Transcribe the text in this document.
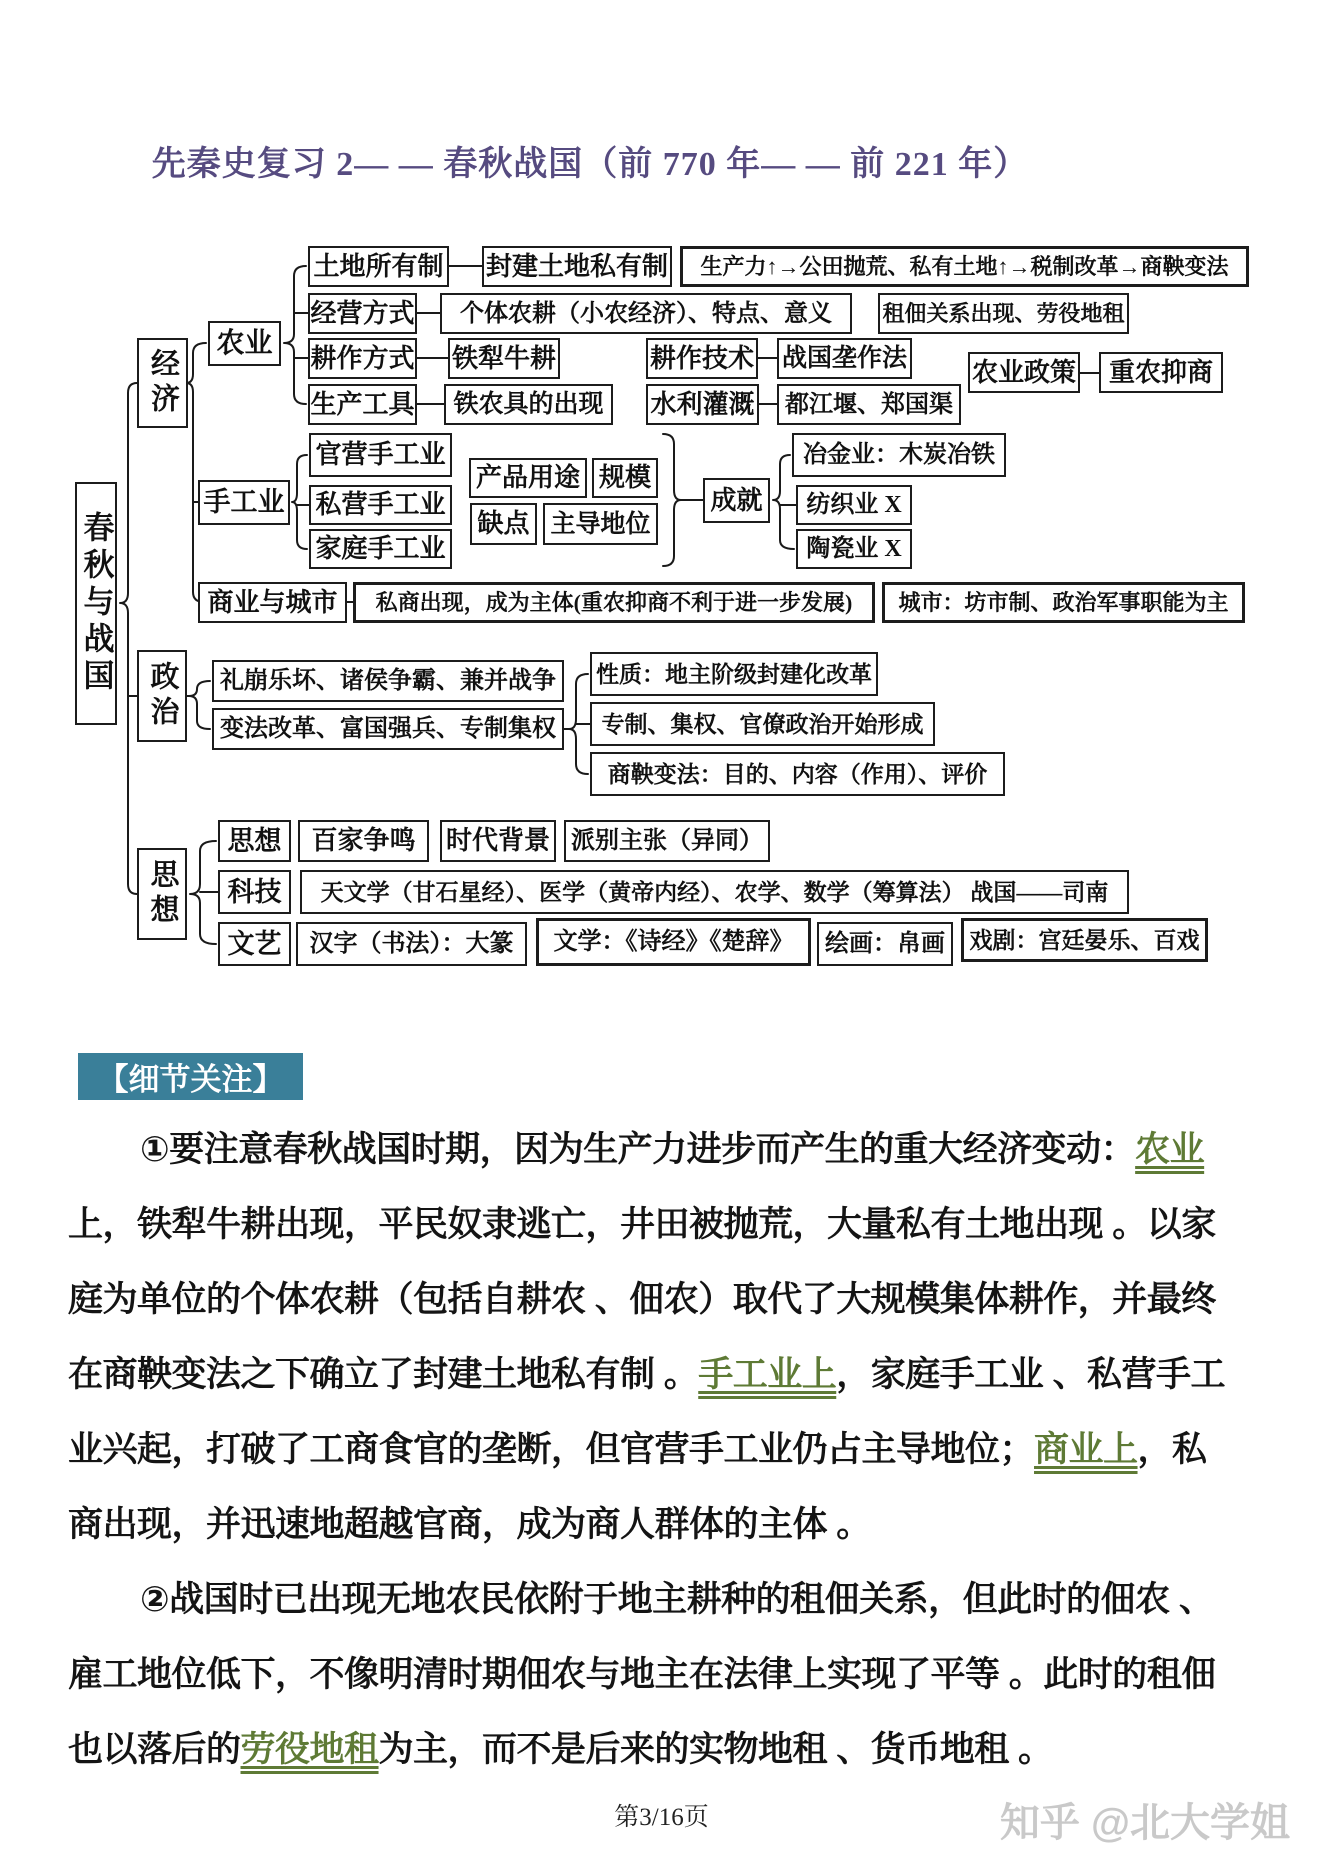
先秦史复习 2— — 春秋战国（前 770 年— — 前 221 年）
春秋与战国
经济
政治
思想
农业
手工业
商业与城市
土地所有制 封建土地私有制	生产力↑→公田抛荒、私有土地↑→税制改革→商鞅变法
经营方式	个体农耕（小农经济）、特点、意义	租佃关系出现、劳役地租
耕作方式 铁犁牛耕	耕作技术 战国垄作法 农业政策	重农抑商
生产工具	铁农具的出现	水利灌溉	都江堰、郑国渠
官营手工业
私营手工业
家庭手工业
产品用途 规模
缺点 主导地位
成就
冶金业：木炭冶铁
纺织业 X
陶瓷业 X
私商出现，成为主体(重农抑商不利于进一步发展)	城市：坊市制、政治军事职能为主
礼崩乐坏、诸侯争霸、兼并战争
变法改革、富国强兵、专制集权
性质：地主阶级封建化改革
专制、集权、官僚政治开始形成
商鞅变法：目的、内容（作用）、评价
思想	百家争鸣	时代背景 派别主张（异同）
科技	天文学（甘石星经）、医学（黄帝内经）、农学、数学（筹算法） 战国——司南
文艺	汉字（书法）：大篆	文学：《诗经》《楚辞》	绘画：帛画	戏剧：宫廷晏乐、百戏
【细节关注】
①要注意春秋战国时期，因为生产力进步而产生的重大经济变动：农业
上，铁犁牛耕出现，平民奴隶逃亡，井田被抛荒，大量私有土地出现 。以家
庭为单位的个体农耕（包括自耕农 、佃农）取代了大规模集体耕作，并最终
在商鞅变法之下确立了封建土地私有制 。手工业上，家庭手工业 、私营手工
业兴起，打破了工商食官的垄断，但官营手工业仍占主导地位；商业上，私
商出现，并迅速地超越官商，成为商人群体的主体 。
②战国时已出现无地农民依附于地主耕种的租佃关系，但此时的佃农 、
雇工地位低下，不像明清时期佃农与地主在法律上实现了平等 。此时的租佃
也以落后的劳役地租为主，而不是后来的实物地租 、货币地租 。
第3/16页	知乎 @北大学姐
